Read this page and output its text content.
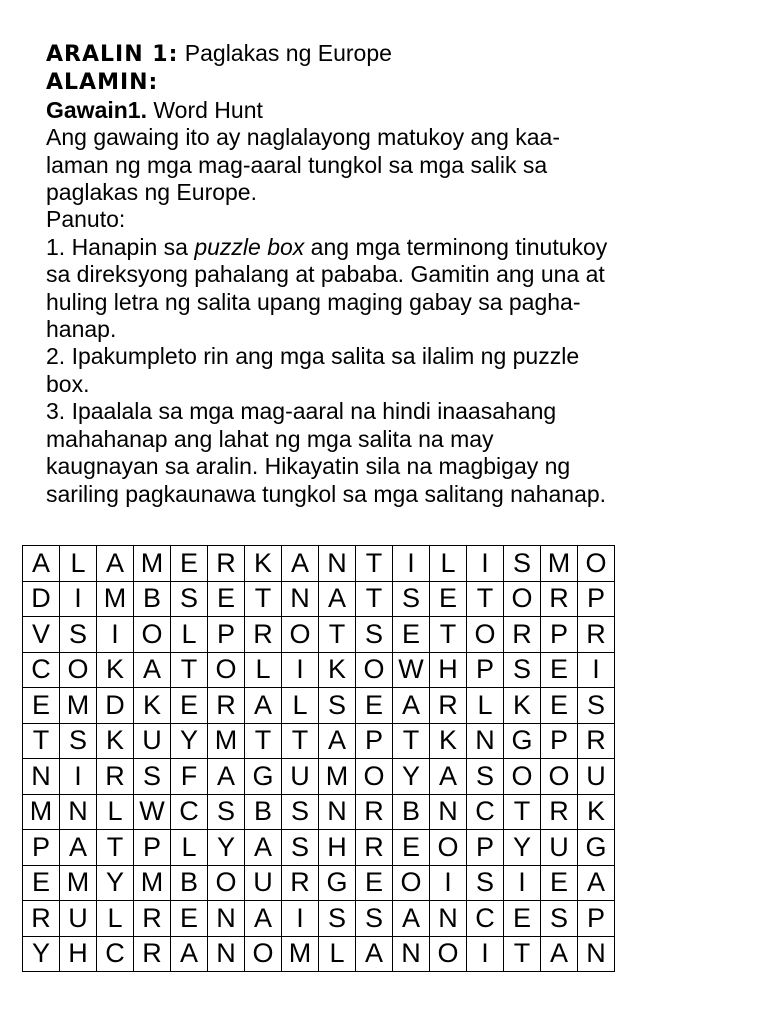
ARALIN 1: Paglakas ng Europe

ALAMIN:

Gawain1. Word Hunt

Ang gawaing ito ay naglalayong matukoy ang kaa-

laman ng mga mag-aaral tungkol sa mga salik sa

paglakas ng Europe.

Panuto:

1. Hanapin sa puzzle box ang mga terminong tinutukoy

sa direksyong pahalang at pababa. Gamitin ang una at

huling letra ng salita upang maging gabay sa pagha-

hanap.

2. Ipakumpleto rin ang mga salita sa ilalim ng puzzle

box.

3. Ipaalala sa mga mag-aaral na hindi inaasahang

mahahanap ang lahat ng mga salita na may

kaugnayan sa aralin. Hikayatin sila na magbigay ng

sariling pagkaunawa tungkol sa mga salitang nahanap.

A	L	A	M	E	R	K	A	N	T	I	L	I	S	M	O
D	I	M	B	S	E	T	N	A	T	S	E	T	O	R	P
V	S	I	O	L	P	R	O	T	S	E	T	O	R	P	R
C	O	K	A	T	O	L	I	K	O	W	H	P	S	E	I
E	M	D	K	E	R	A	L	S	E	A	R	L	K	E	S
T	S	K	U	Y	M	T	T	A	P	T	K	N	G	P	R
N	I	R	S	F	A	G	U	M	O	Y	A	S	O	O	U
M	N	L	W	C	S	B	S	N	R	B	N	C	T	R	K
P	A	T	P	L	Y	A	S	H	R	E	O	P	Y	U	G
E	M	Y	M	B	O	U	R	G	E	O	I	S	I	E	A
R	U	L	R	E	N	A	I	S	S	A	N	C	E	S	P
Y	H	C	R	A	N	O	M	L	A	N	O	I	T	A	N
